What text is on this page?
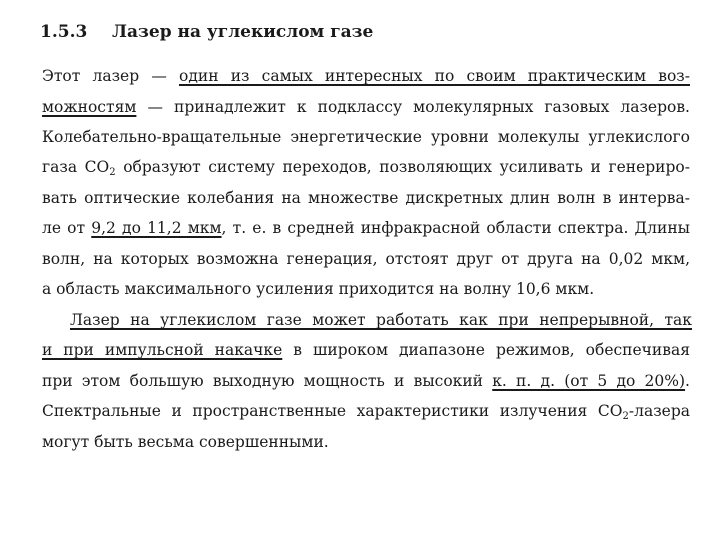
1.5.3 Лазер на углекислом газе
Этот лазер — один из самых интересных по своим практическим воз-
можностям — принадлежит к подклассу молекулярных газовых лазеров.
Колебательно-вращательные энергетические уровни молекулы углекислого
газа $CO_2$ образуют систему переходов, позволяющих усиливать и генериро-
вать оптические колебания на множестве дискретных длин волн в интерва-
ле от 9,2 до 11,2 мкм, т. е. в средней инфракрасной области спектра. Длины
волн, на которых возможна генерация, отстоят друг от друга на 0,02 мкм,
а область максимального усиления приходится на волну 10,6 мкм.
Лазер на углекислом газе может работать как при непрерывной, так
и при импульсной накачке в широком диапазоне режимов, обеспечивая
при этом большую выходную мощность и высокий к. п. д. (от 5 до 20%).
Спектральные и пространственные характеристики излучения $CO_2$-лазера
могут быть весьма совершенными.
